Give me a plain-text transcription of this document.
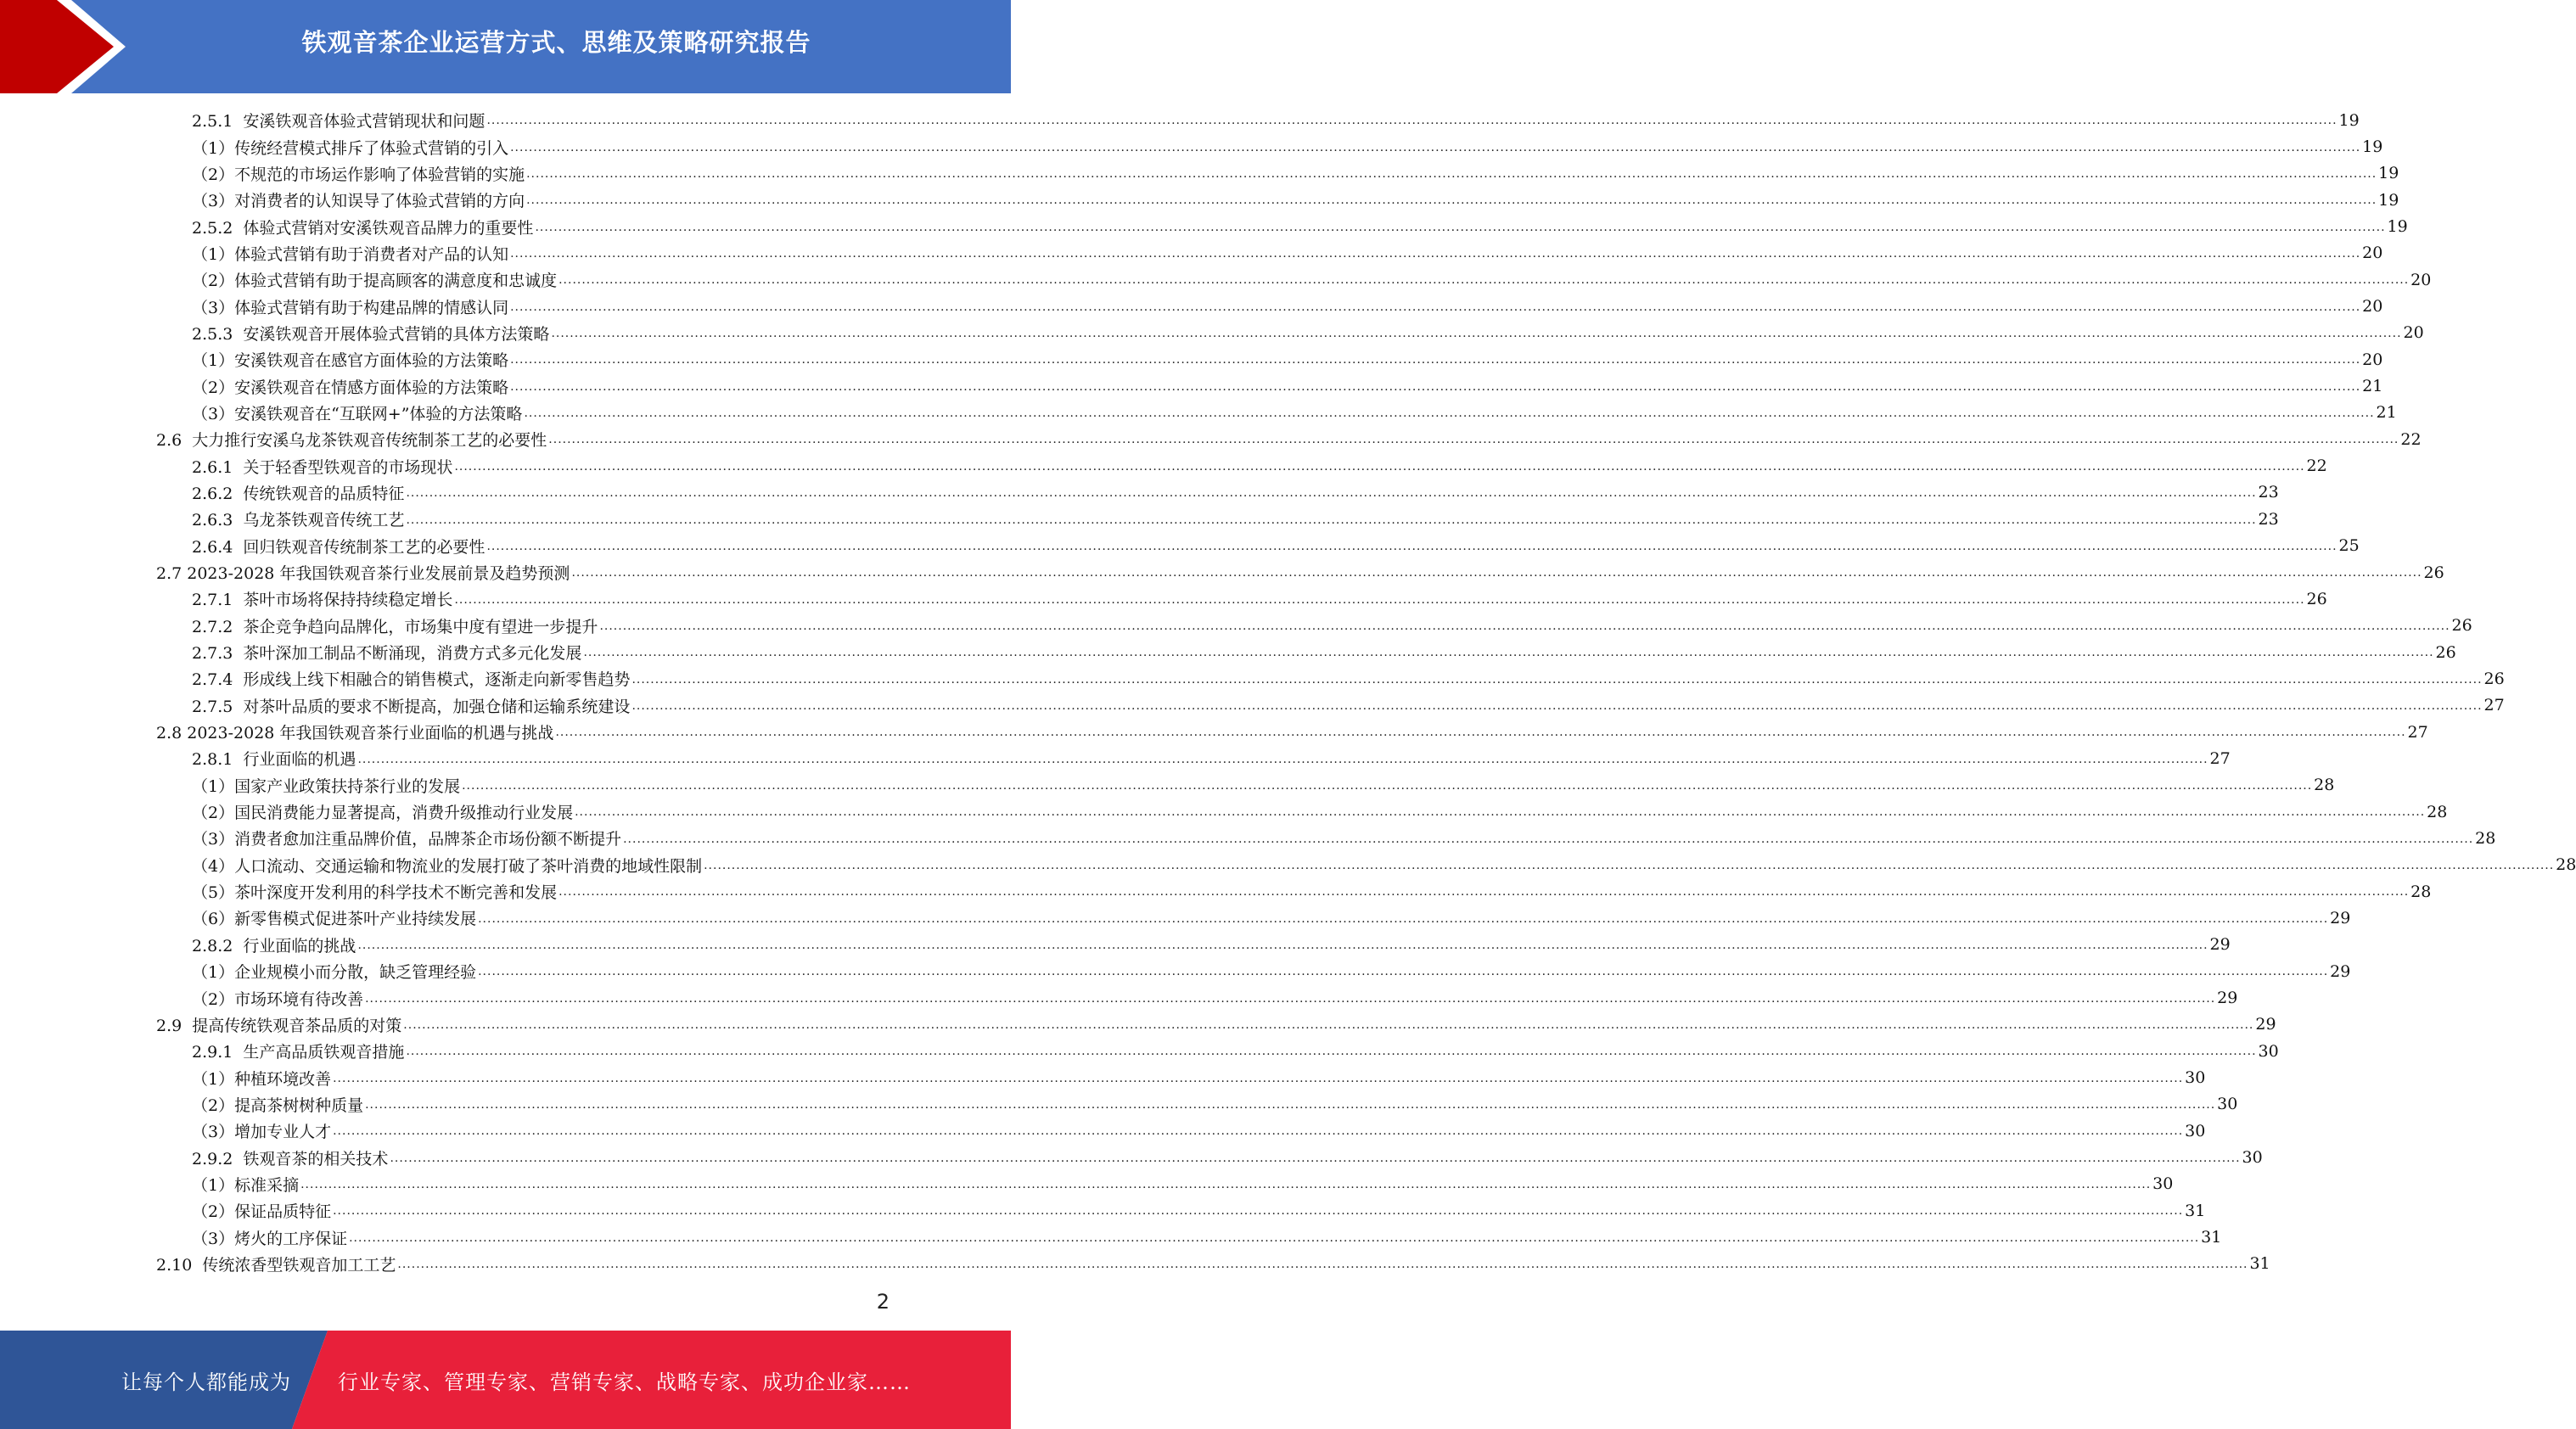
铁观音茶企业运营方式、思维及策略研究报告
2.5.1  安溪铁观音体验式营销现状和问题 ................................................................................................................................................................................................................................................................................................................................................................................................................ 19
（1）传统经营模式排斥了体验式营销的引入 ................................................................................................................................................................................................................................................................................................................................................................................................................ 19
（2）不规范的市场运作影响了体验营销的实施 ................................................................................................................................................................................................................................................................................................................................................................................................................ 19
（3）对消费者的认知误导了体验式营销的方向 ................................................................................................................................................................................................................................................................................................................................................................................................................ 19
2.5.2  体验式营销对安溪铁观音品牌力的重要性 ................................................................................................................................................................................................................................................................................................................................................................................................................ 19
（1）体验式营销有助于消费者对产品的认知 ................................................................................................................................................................................................................................................................................................................................................................................................................ 20
（2）体验式营销有助于提高顾客的满意度和忠诚度 ................................................................................................................................................................................................................................................................................................................................................................................................................ 20
（3）体验式营销有助于构建品牌的情感认同 ................................................................................................................................................................................................................................................................................................................................................................................................................ 20
2.5.3  安溪铁观音开展体验式营销的具体方法策略 ................................................................................................................................................................................................................................................................................................................................................................................................................ 20
（1）安溪铁观音在感官方面体验的方法策略 ................................................................................................................................................................................................................................................................................................................................................................................................................ 20
（2）安溪铁观音在情感方面体验的方法策略 ................................................................................................................................................................................................................................................................................................................................................................................................................ 21
（3）安溪铁观音在“互联网+”体验的方法策略 ................................................................................................................................................................................................................................................................................................................................................................................................................ 21
2.6  大力推行安溪乌龙茶铁观音传统制茶工艺的必要性 ................................................................................................................................................................................................................................................................................................................................................................................................................ 22
2.6.1  关于轻香型铁观音的市场现状 ................................................................................................................................................................................................................................................................................................................................................................................................................ 22
2.6.2  传统铁观音的品质特征 ................................................................................................................................................................................................................................................................................................................................................................................................................ 23
2.6.3  乌龙茶铁观音传统工艺 ................................................................................................................................................................................................................................................................................................................................................................................................................ 23
2.6.4  回归铁观音传统制茶工艺的必要性 ................................................................................................................................................................................................................................................................................................................................................................................................................ 25
2.7 2023-2028 年我国铁观音茶行业发展前景及趋势预测 ................................................................................................................................................................................................................................................................................................................................................................................................................ 26
2.7.1  茶叶市场将保持持续稳定增长 ................................................................................................................................................................................................................................................................................................................................................................................................................ 26
2.7.2  茶企竞争趋向品牌化，市场集中度有望进一步提升 ................................................................................................................................................................................................................................................................................................................................................................................................................ 26
2.7.3  茶叶深加工制品不断涌现，消费方式多元化发展 ................................................................................................................................................................................................................................................................................................................................................................................................................ 26
2.7.4  形成线上线下相融合的销售模式，逐渐走向新零售趋势 ................................................................................................................................................................................................................................................................................................................................................................................................................ 26
2.7.5  对茶叶品质的要求不断提高，加强仓储和运输系统建设 ................................................................................................................................................................................................................................................................................................................................................................................................................ 27
2.8 2023-2028 年我国铁观音茶行业面临的机遇与挑战 ................................................................................................................................................................................................................................................................................................................................................................................................................ 27
2.8.1  行业面临的机遇 ................................................................................................................................................................................................................................................................................................................................................................................................................ 27
（1）国家产业政策扶持茶行业的发展 ................................................................................................................................................................................................................................................................................................................................................................................................................ 28
（2）国民消费能力显著提高，消费升级推动行业发展 ................................................................................................................................................................................................................................................................................................................................................................................................................ 28
（3）消费者愈加注重品牌价值，品牌茶企市场份额不断提升 ................................................................................................................................................................................................................................................................................................................................................................................................................ 28
（4）人口流动、交通运输和物流业的发展打破了茶叶消费的地域性限制 ................................................................................................................................................................................................................................................................................................................................................................................................................ 28
（5）茶叶深度开发利用的科学技术不断完善和发展 ................................................................................................................................................................................................................................................................................................................................................................................................................ 28
（6）新零售模式促进茶叶产业持续发展 ................................................................................................................................................................................................................................................................................................................................................................................................................ 29
2.8.2  行业面临的挑战 ................................................................................................................................................................................................................................................................................................................................................................................................................ 29
（1）企业规模小而分散，缺乏管理经验 ................................................................................................................................................................................................................................................................................................................................................................................................................ 29
（2）市场环境有待改善 ................................................................................................................................................................................................................................................................................................................................................................................................................ 29
2.9  提高传统铁观音茶品质的对策 ................................................................................................................................................................................................................................................................................................................................................................................................................ 29
2.9.1  生产高品质铁观音措施 ................................................................................................................................................................................................................................................................................................................................................................................................................ 30
（1）种植环境改善 ................................................................................................................................................................................................................................................................................................................................................................................................................ 30
（2）提高茶树树种质量 ................................................................................................................................................................................................................................................................................................................................................................................................................ 30
（3）增加专业人才 ................................................................................................................................................................................................................................................................................................................................................................................................................ 30
2.9.2  铁观音茶的相关技术 ................................................................................................................................................................................................................................................................................................................................................................................................................ 30
（1）标准采摘 ................................................................................................................................................................................................................................................................................................................................................................................................................ 30
（2）保证品质特征 ................................................................................................................................................................................................................................................................................................................................................................................................................ 31
（3）烤火的工序保证 ................................................................................................................................................................................................................................................................................................................................................................................................................ 31
2.10  传统浓香型铁观音加工工艺 ................................................................................................................................................................................................................................................................................................................................................................................................................ 31
2
让每个人都能成为 行业专家、管理专家、营销专家、战略专家、成功企业家……
